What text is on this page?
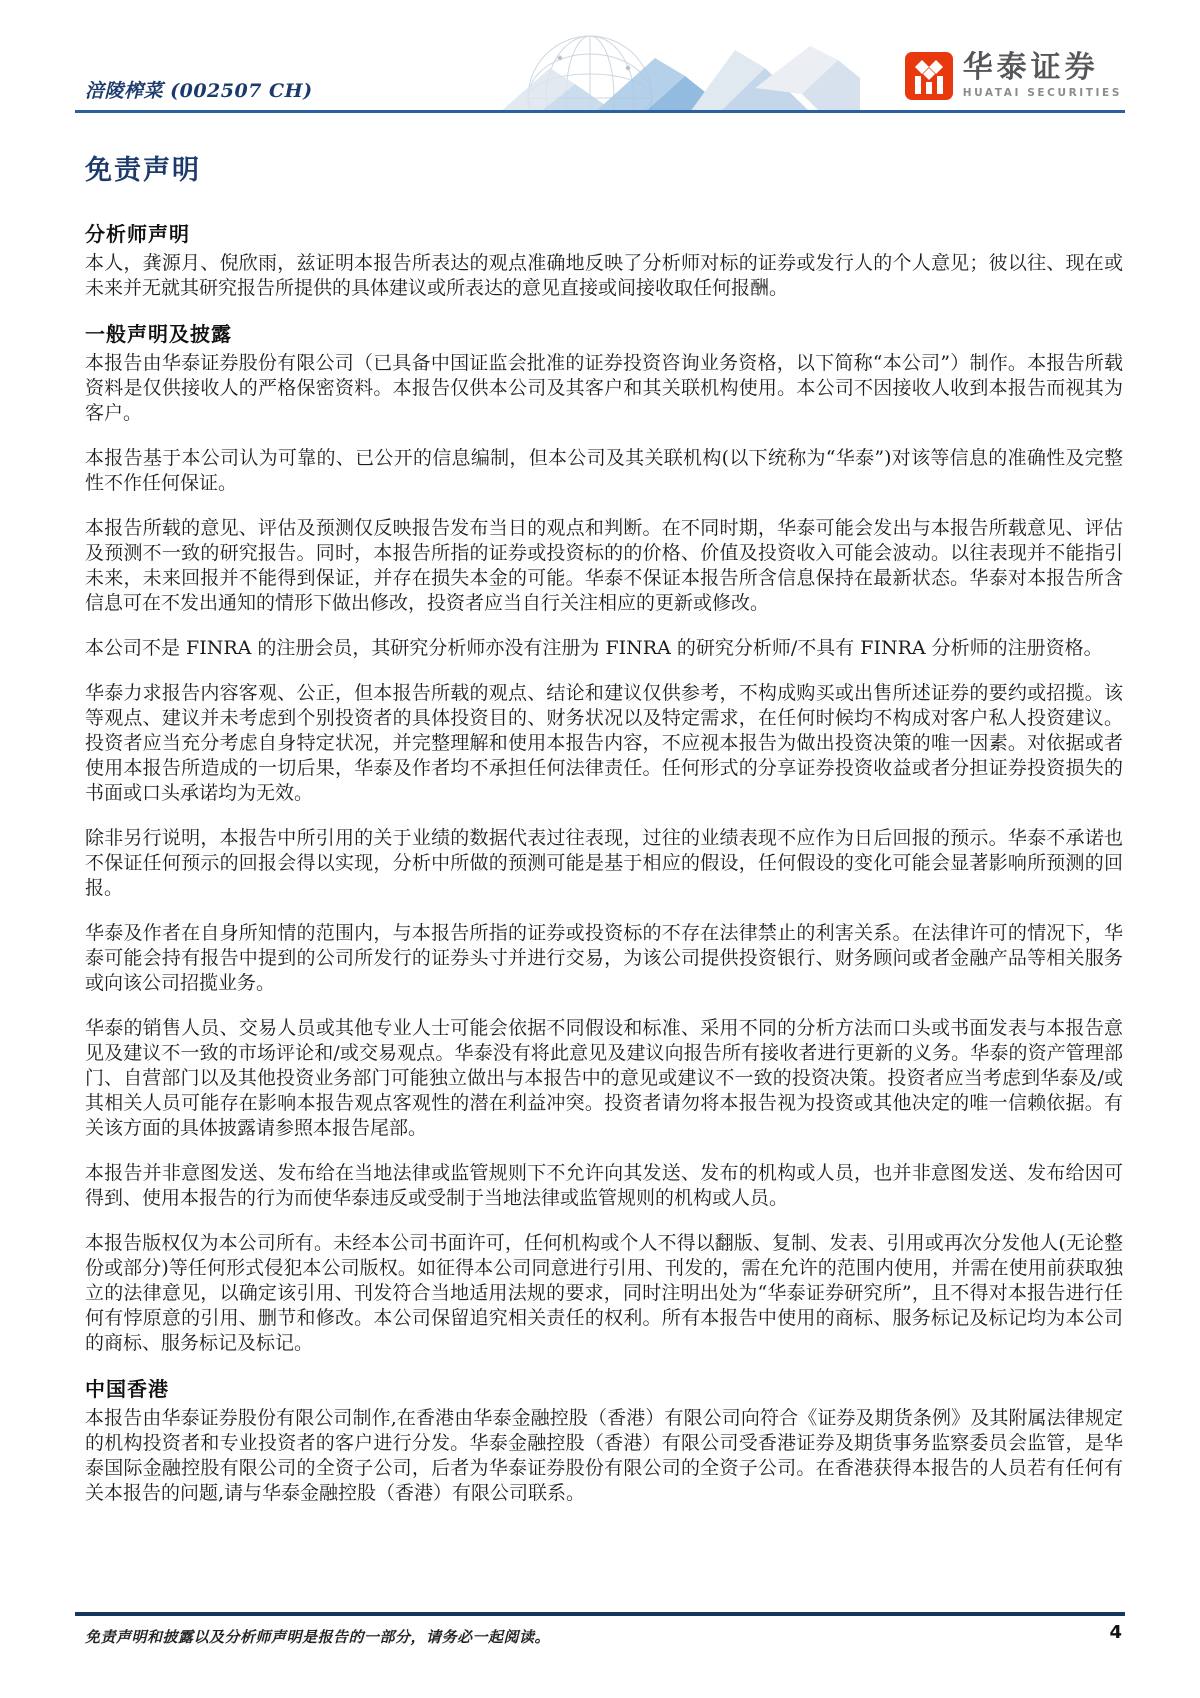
涪陵榨菜 (002507 CH)
华泰证券
HUATAI SECURITIES
免责声明
分析师声明

本人，龚源月、倪欣雨，兹证明本报告所表达的观点准确地反映了分析师对标的证券或发行人的个人意见；彼以往、现在或未来并无就其研究报告所提供的具体建议或所表达的意见直接或间接收取任何报酬。

一般声明及披露

本报告由华泰证券股份有限公司（已具备中国证监会批准的证券投资咨询业务资格，以下简称“本公司”）制作。本报告所载资料是仅供接收人的严格保密资料。本报告仅供本公司及其客户和其关联机构使用。本公司不因接收人收到本报告而视其为客户。

本报告基于本公司认为可靠的、已公开的信息编制，但本公司及其关联机构(以下统称为“华泰”)对该等信息的准确性及完整性不作任何保证。

本报告所载的意见、评估及预测仅反映报告发布当日的观点和判断。在不同时期，华泰可能会发出与本报告所载意见、评估及预测不一致的研究报告。同时，本报告所指的证券或投资标的的价格、价值及投资收入可能会波动。以往表现并不能指引未来，未来回报并不能得到保证，并存在损失本金的可能。华泰不保证本报告所含信息保持在最新状态。华泰对本报告所含信息可在不发出通知的情形下做出修改，投资者应当自行关注相应的更新或修改。

本公司不是 FINRA 的注册会员，其研究分析师亦没有注册为 FINRA 的研究分析师/不具有 FINRA 分析师的注册资格。

华泰力求报告内容客观、公正，但本报告所载的观点、结论和建议仅供参考，不构成购买或出售所述证券的要约或招揽。该等观点、建议并未考虑到个别投资者的具体投资目的、财务状况以及特定需求，在任何时候均不构成对客户私人投资建议。投资者应当充分考虑自身特定状况，并完整理解和使用本报告内容，不应视本报告为做出投资决策的唯一因素。对依据或者使用本报告所造成的一切后果，华泰及作者均不承担任何法律责任。任何形式的分享证券投资收益或者分担证券投资损失的书面或口头承诺均为无效。

除非另行说明，本报告中所引用的关于业绩的数据代表过往表现，过往的业绩表现不应作为日后回报的预示。华泰不承诺也不保证任何预示的回报会得以实现，分析中所做的预测可能是基于相应的假设，任何假设的变化可能会显著影响所预测的回报。

华泰及作者在自身所知情的范围内，与本报告所指的证券或投资标的不存在法律禁止的利害关系。在法律许可的情况下，华泰可能会持有报告中提到的公司所发行的证券头寸并进行交易，为该公司提供投资银行、财务顾问或者金融产品等相关服务或向该公司招揽业务。

华泰的销售人员、交易人员或其他专业人士可能会依据不同假设和标准、采用不同的分析方法而口头或书面发表与本报告意见及建议不一致的市场评论和/或交易观点。华泰没有将此意见及建议向报告所有接收者进行更新的义务。华泰的资产管理部门、自营部门以及其他投资业务部门可能独立做出与本报告中的意见或建议不一致的投资决策。投资者应当考虑到华泰及/或其相关人员可能存在影响本报告观点客观性的潜在利益冲突。投资者请勿将本报告视为投资或其他决定的唯一信赖依据。有关该方面的具体披露请参照本报告尾部。

本报告并非意图发送、发布给在当地法律或监管规则下不允许向其发送、发布的机构或人员，也并非意图发送、发布给因可得到、使用本报告的行为而使华泰违反或受制于当地法律或监管规则的机构或人员。

本报告版权仅为本公司所有。未经本公司书面许可，任何机构或个人不得以翻版、复制、发表、引用或再次分发他人(无论整份或部分)等任何形式侵犯本公司版权。如征得本公司同意进行引用、刊发的，需在允许的范围内使用，并需在使用前获取独立的法律意见，以确定该引用、刊发符合当地适用法规的要求，同时注明出处为“华泰证券研究所”，且不得对本报告进行任何有悖原意的引用、删节和修改。本公司保留追究相关责任的权利。所有本报告中使用的商标、服务标记及标记均为本公司的商标、服务标记及标记。

中国香港

本报告由华泰证券股份有限公司制作,在香港由华泰金融控股（香港）有限公司向符合《证券及期货条例》及其附属法律规定的机构投资者和专业投资者的客户进行分发。华泰金融控股（香港）有限公司受香港证券及期货事务监察委员会监管，是华泰国际金融控股有限公司的全资子公司，后者为华泰证券股份有限公司的全资子公司。在香港获得本报告的人员若有任何有关本报告的问题,请与华泰金融控股（香港）有限公司联系。

免责声明和披露以及分析师声明是报告的一部分，请务必一起阅读。	4
